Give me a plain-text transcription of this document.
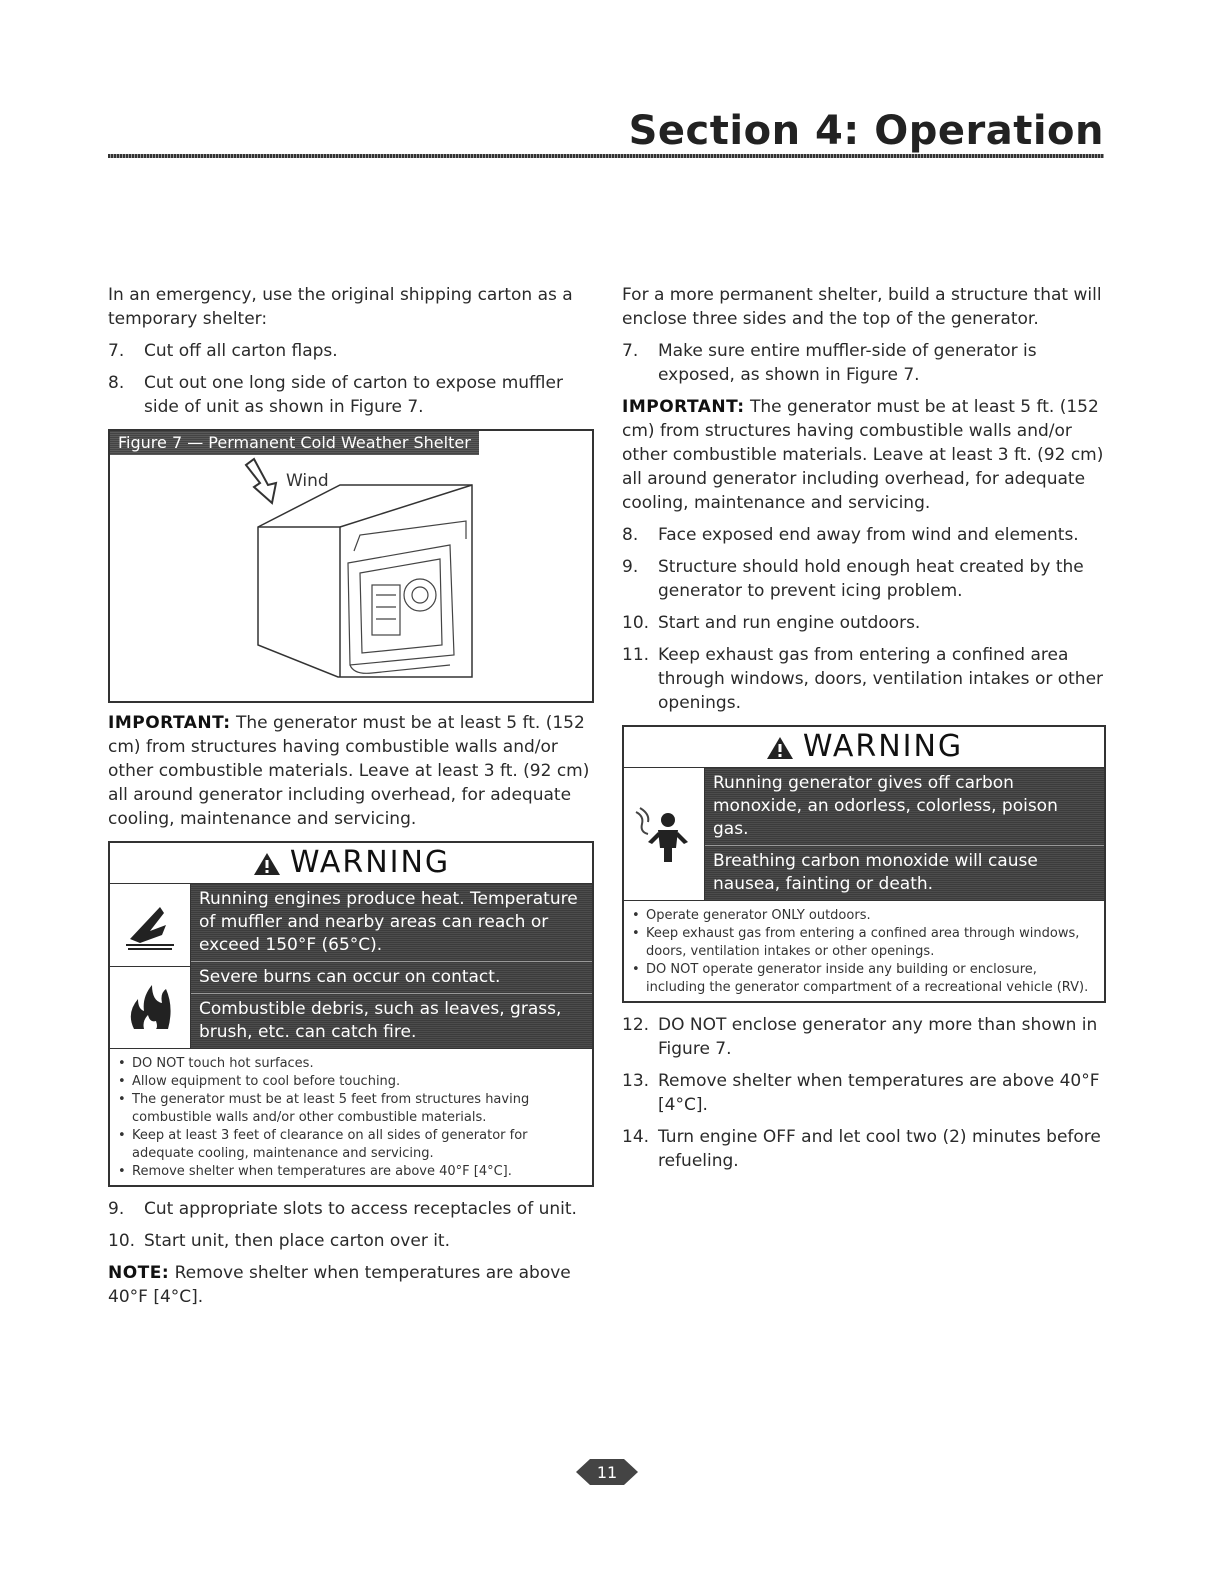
Section 4: Operation

In an emergency, use the original shipping carton as a temporary shelter:

7.	Cut off all carton flaps.
8.	Cut out one long side of carton to expose muffler side of unit as shown in Figure 7.
Figure 7 — Permanent Cold Weather Shelter
Wind

IMPORTANT: The generator must be at least 5 ft. (152 cm) from structures having combustible walls and/or other combustible materials. Leave at least 3 ft. (92 cm) all around generator including overhead, for adequate cooling, maintenance and servicing.

WARNING
Running engines produce heat. Temperature of muffler and nearby areas can reach or exceed 150°F (65°C).
Severe burns can occur on contact.
Combustible debris, such as leaves, grass, brush, etc. can catch fire.
• DO NOT touch hot surfaces.
• Allow equipment to cool before touching.
• The generator must be at least 5 feet from structures having combustible walls and/or other combustible materials.
• Keep at least 3 feet of clearance on all sides of generator for adequate cooling, maintenance and servicing.
• Remove shelter when temperatures are above 40°F [4°C].
9.	Cut appropriate slots to access receptacles of unit.
10. Start unit, then place carton over it.

NOTE: Remove shelter when temperatures are above 40°F [4°C].

For a more permanent shelter, build a structure that will enclose three sides and the top of the generator.

7.	Make sure entire muffler-side of generator is exposed, as shown in Figure 7.

IMPORTANT: The generator must be at least 5 ft. (152 cm) from structures having combustible walls and/or other combustible materials. Leave at least 3 ft. (92 cm) all around generator including overhead, for adequate cooling, maintenance and servicing.

8.	Face exposed end away from wind and elements.
9.	Structure should hold enough heat created by the generator to prevent icing problem.
10. Start and run engine outdoors.
11. Keep exhaust gas from entering a confined area through windows, doors, ventilation intakes or other openings.
WARNING
Running generator gives off carbon monoxide, an odorless, colorless, poison gas.
Breathing carbon monoxide will cause nausea, fainting or death.
• Operate generator ONLY outdoors.
• Keep exhaust gas from entering a confined area through windows, doors, ventilation intakes or other openings.
• DO NOT operate generator inside any building or enclosure, including the generator compartment of a recreational vehicle (RV).
12. DO NOT enclose generator any more than shown in Figure 7.
13. Remove shelter when temperatures are above 40°F [4°C].
14. Turn engine OFF and let cool two (2) minutes before refueling.
11
